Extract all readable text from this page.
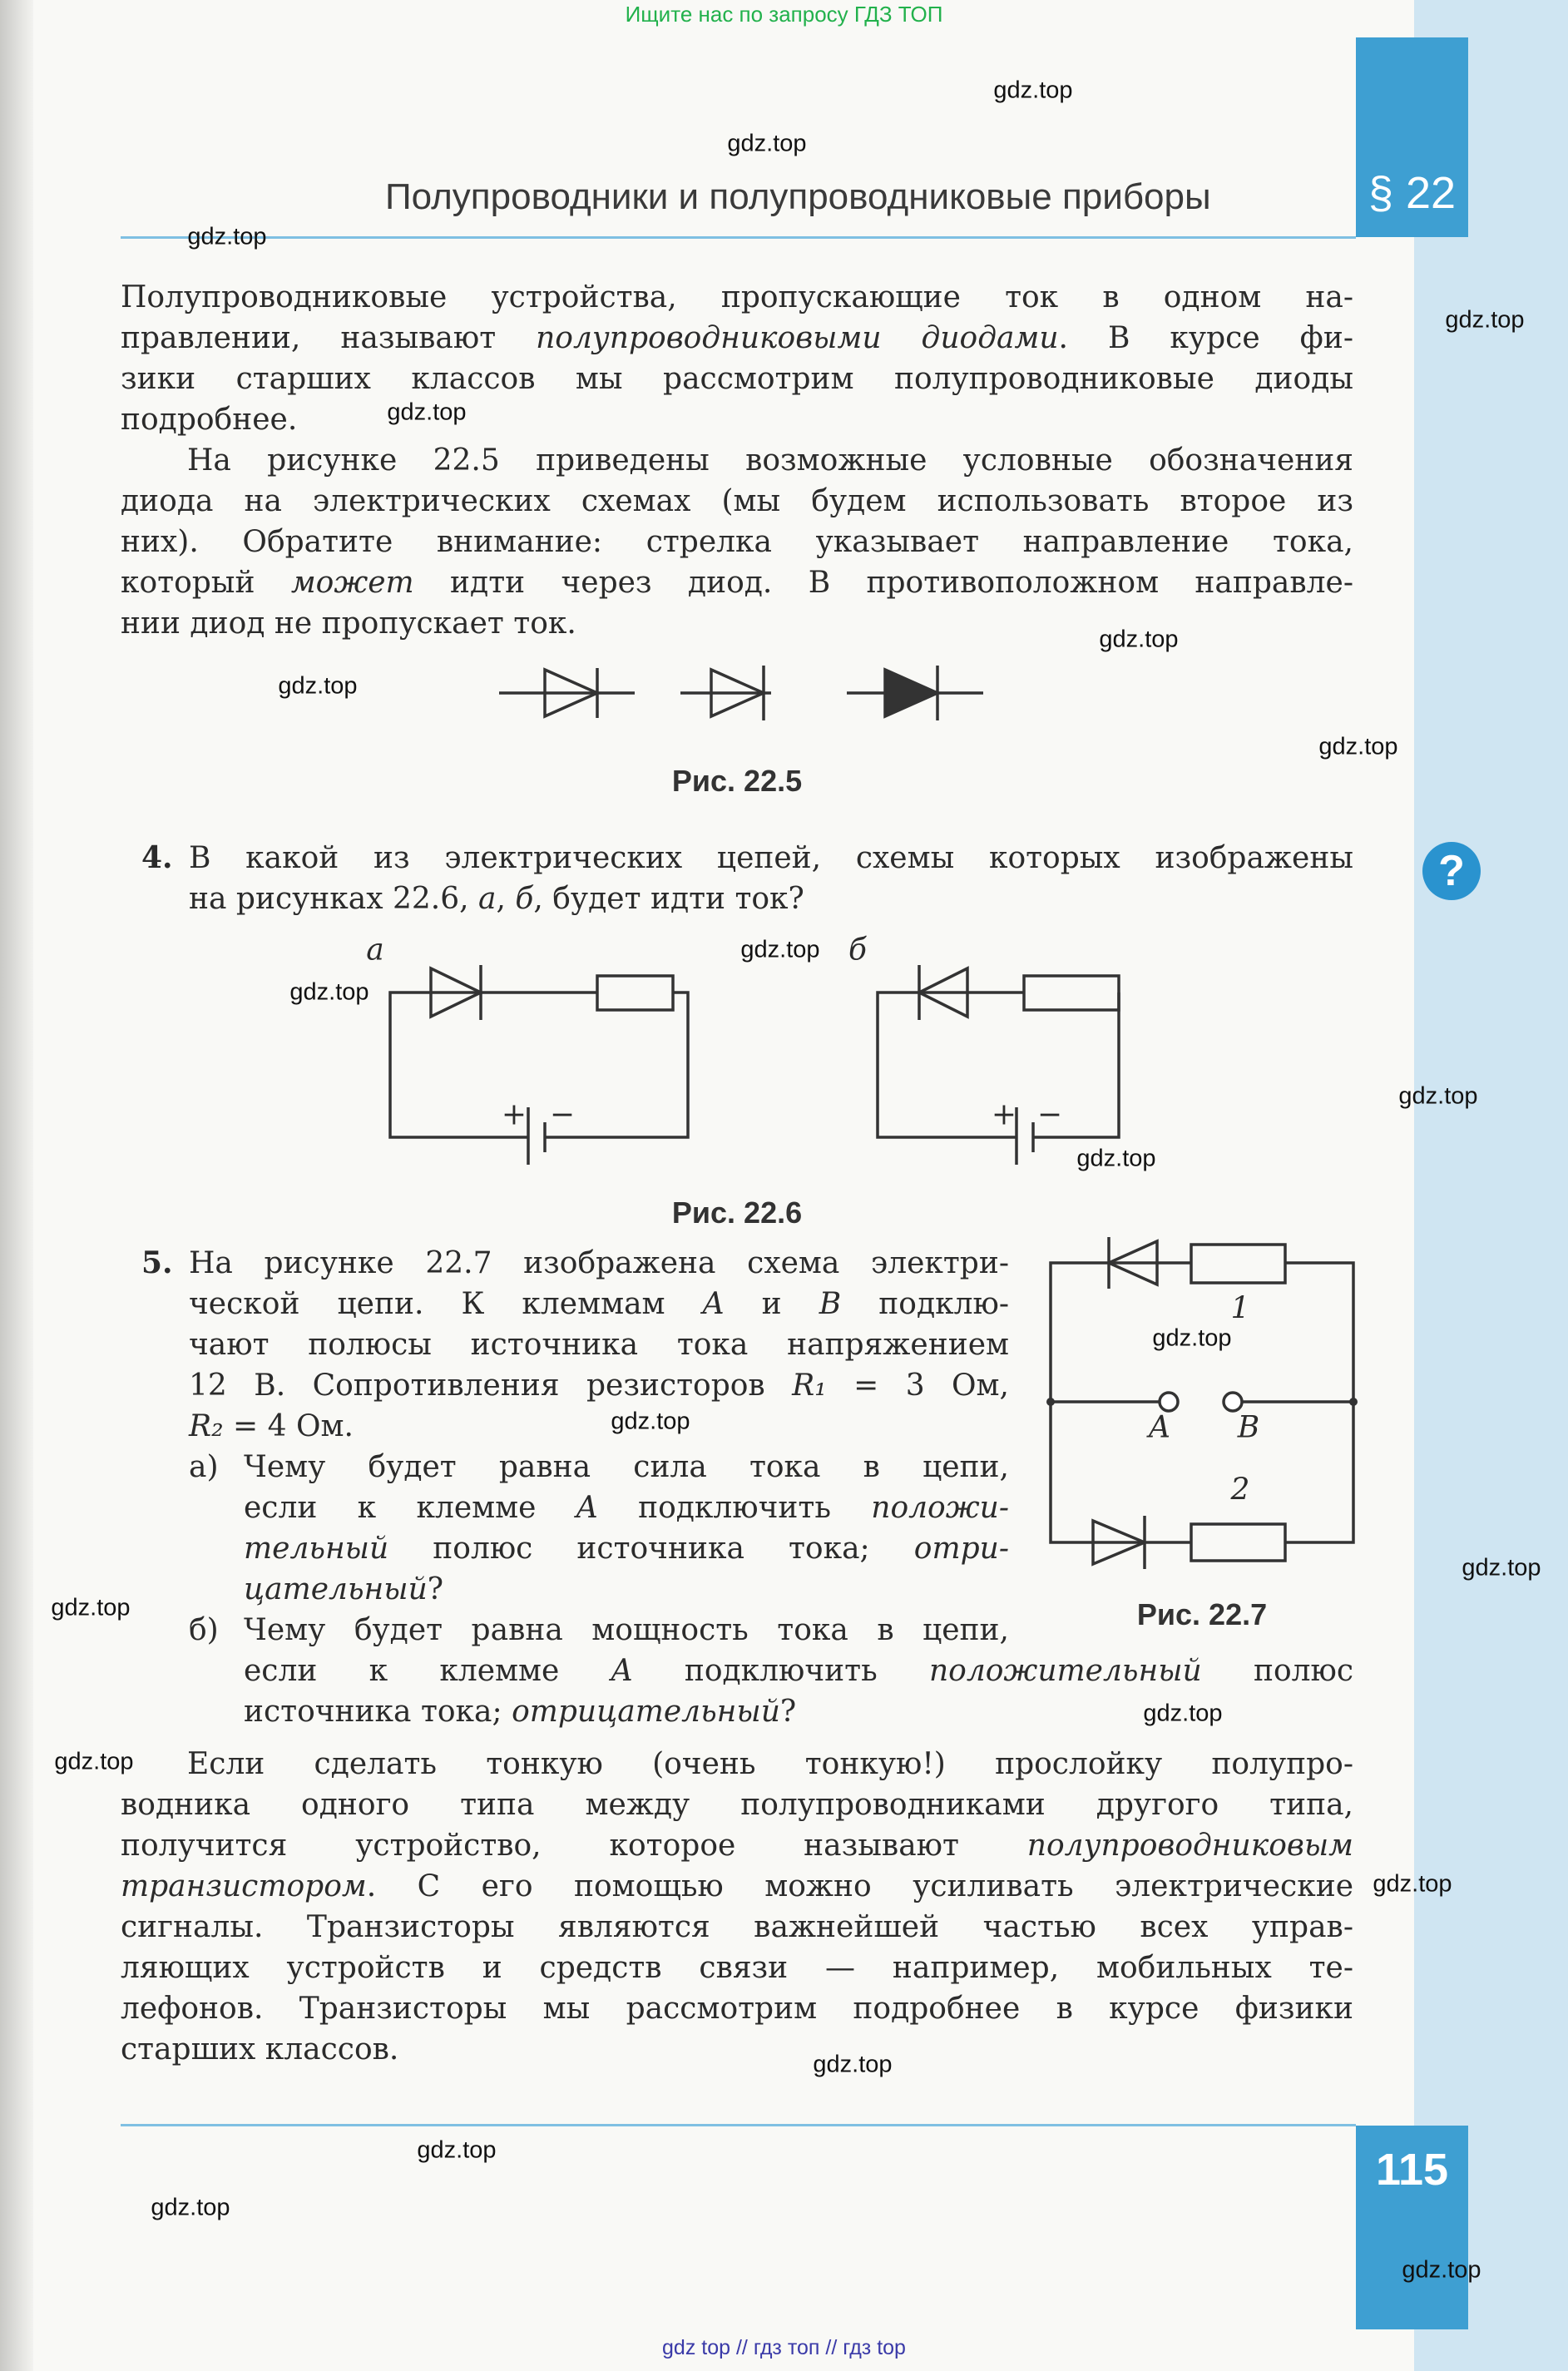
Ищите нас по запросу ГДЗ ТОП
§ 22
Полупроводники и полупроводниковые приборы
Полупроводниковые устройства, пропускающие ток в одном на-
правлении, называют полупроводниковыми диодами. В курсе фи-
зики старших классов мы рассмотрим полупроводниковые диоды
подробнее.
На рисунке 22.5 приведены возможные условные обозначения
диода на электрических схемах (мы будем использовать второе из
них). Обратите внимание: стрелка указывает направление тока,
который может идти через диод. В противоположном направле-
нии диод не пропускает ток.
Рис. 22.5
4. В какой из электрических цепей, схемы которых изображены
на рисунках 22.6, а, б, будет идти ток?
?
а	б
+ −	+ −
Рис. 22.6
5. На рисунке 22.7 изображена схема электри-
ческой цепи. К клеммам A и B подклю-
чают полюсы источника тока напряжением
12 В. Сопротивления резисторов R₁ = 3 Ом,
R₂ = 4 Ом.
а) Чему будет равна сила тока в цепи,
если к клемме A подключить положи-
тельный полюс источника тока; отри-
цательный?
б) Чему будет равна мощность тока в цепи,
если к клемме A подключить положительный полюс
источника тока; отрицательный?
1
A B
2
Рис. 22.7
Если сделать тонкую (очень тонкую!) прослойку полупро-
водника одного типа между полупроводниками другого типа,
получится устройство, которое называют полупроводниковым
транзистором. С его помощью можно усиливать электрические
сигналы. Транзисторы являются важнейшей частью всех управ-
ляющих устройств и средств связи — например, мобильных те-
лефонов. Транзисторы мы рассмотрим подробнее в курсе физики
старших классов.
115
gdz top // гдз топ // гдз top
gdz.top
gdz.top
gdz.top
gdz.top
gdz.top
gdz.top
gdz.top
gdz.top
gdz.top
gdz.top
gdz.top
gdz.top
gdz.top
gdz.top
gdz.top
gdz.top
gdz.top
gdz.top
gdz.top
gdz.top
gdz.top
gdz.top
gdz.top
